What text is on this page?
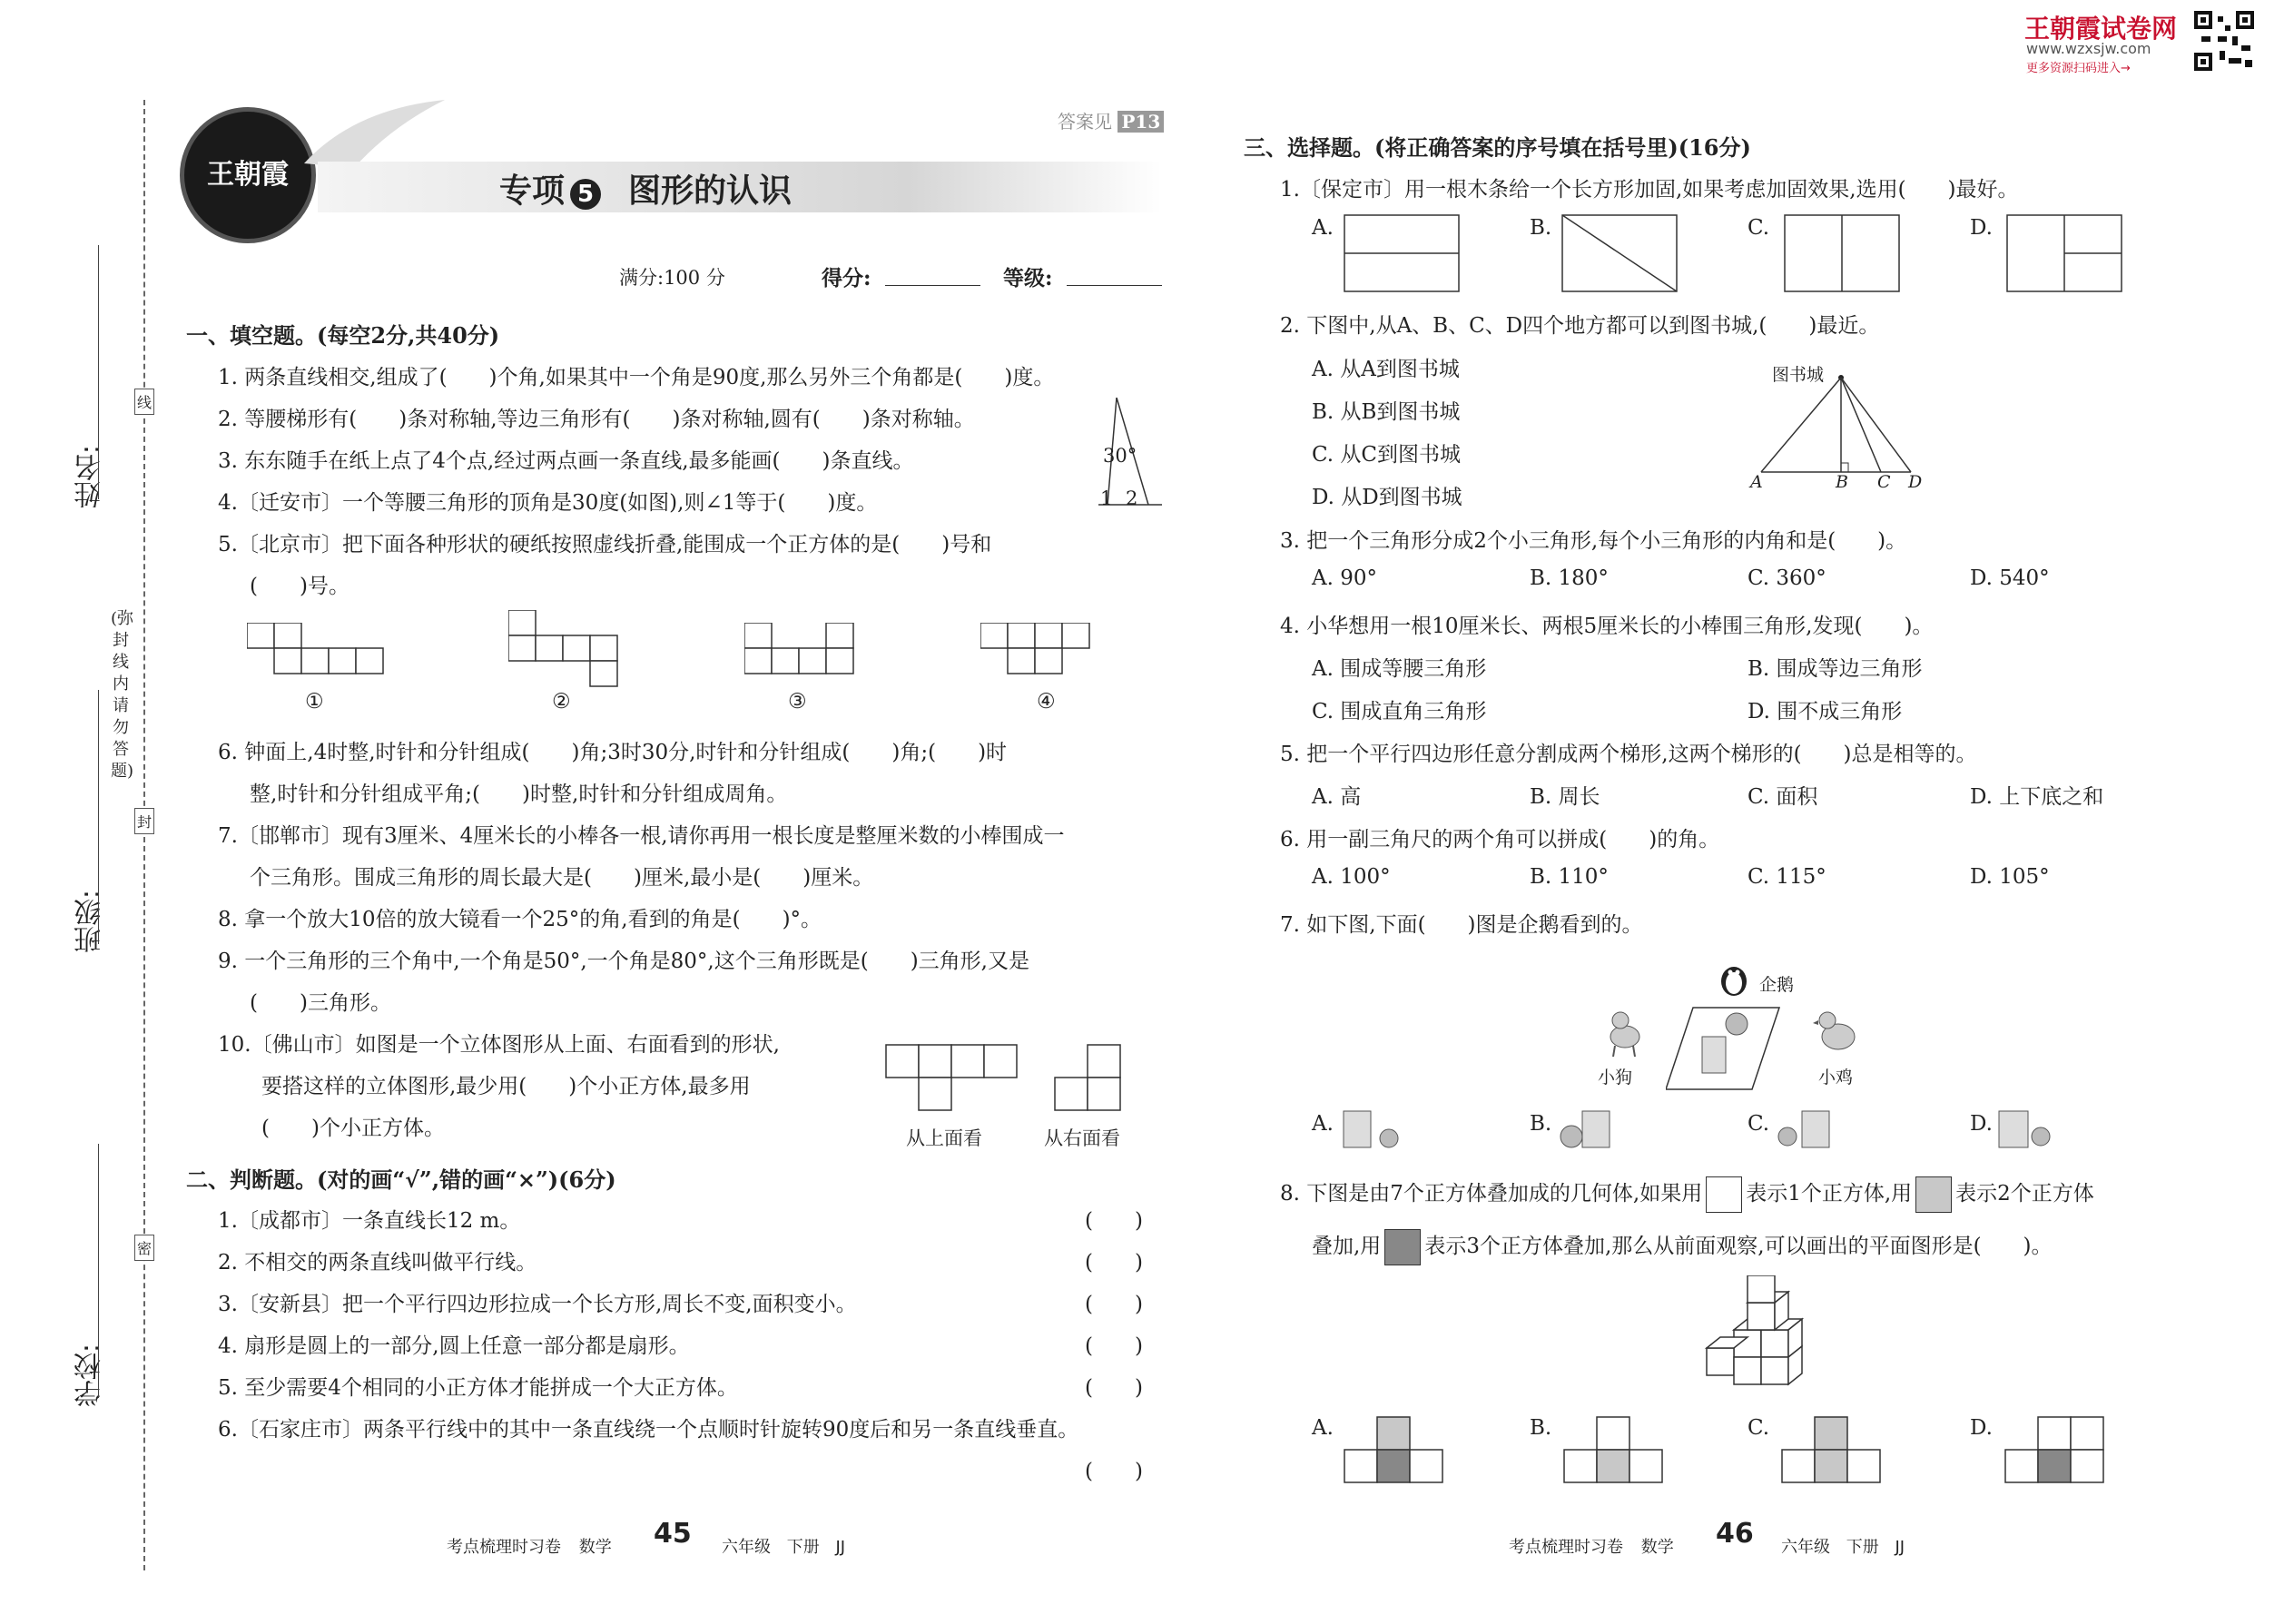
姓名:
班级:
学校:
(弥封线内请勿答题)
线
封
密
王朝霞
答案见 P13
专项 5 图形的认识
满分:100 分	得分:	等级:
一、填空题。(每空2分,共40分)
1. 两条直线相交,组成了(　　)个角,如果其中一个角是90度,那么另外三个角都是(　　)度。
2. 等腰梯形有(　　)条对称轴,等边三角形有(　　)条对称轴,圆有(　　)条对称轴。
3. 东东随手在纸上点了4个点,经过两点画一条直线,最多能画(　　)条直线。
4.〔迁安市〕一个等腰三角形的顶角是30度(如图),则∠1等于(　　)度。
30°
1 2
5.〔北京市〕把下面各种形状的硬纸按照虚线折叠,能围成一个正方体的是(　　)号和
(　　)号。
①	②	③	④
6. 钟面上,4时整,时针和分针组成(　　)角;3时30分,时针和分针组成(　　)角;(　　)时
整,时针和分针组成平角;(　　)时整,时针和分针组成周角。
7.〔邯郸市〕现有3厘米、4厘米长的小棒各一根,请你再用一根长度是整厘米数的小棒围成一
个三角形。围成三角形的周长最大是(　　)厘米,最小是(　　)厘米。
8. 拿一个放大10倍的放大镜看一个25°的角,看到的角是(　　)°。
9. 一个三角形的三个角中,一个角是50°,一个角是80°,这个三角形既是(　　)三角形,又是
(　　)三角形。
10.〔佛山市〕如图是一个立体图形从上面、右面看到的形状,
要搭这样的立体图形,最少用(　　)个小正方体,最多用
(　　)个小正方体。	从上面看	从右面看
二、判断题。(对的画“√”,错的画“×”)(6分)
1.〔成都市〕一条直线长12 m。	(　　)
2. 不相交的两条直线叫做平行线。	(　　)
3.〔安新县〕把一个平行四边形拉成一个长方形,周长不变,面积变小。	(　　)
4. 扇形是圆上的一部分,圆上任意一部分都是扇形。	(　　)
5. 至少需要4个相同的小正方体才能拼成一个大正方体。	(　　)
6.〔石家庄市〕两条平行线中的其中一条直线绕一个点顺时针旋转90度后和另一条直线垂直。
(　　)
考点梳理时习卷 数学 45 六年级 下册 JJ
王朝霞试卷网
www.wzxsjw.com
更多资源扫码进入→
三、选择题。(将正确答案的序号填在括号里)(16分)
1.〔保定市〕用一根木条给一个长方形加固,如果考虑加固效果,选用(　　)最好。
A.	B.	C.	D.
2. 下图中,从A、B、C、D四个地方都可以到图书城,(　　)最近。
A. 从A到图书城
B. 从B到图书城
C. 从C到图书城
D. 从D到图书城
图书城
A	B C D
3. 把一个三角形分成2个小三角形,每个小三角形的内角和是(　　)。
A. 90°	B. 180°	C. 360°	D. 540°
4. 小华想用一根10厘米长、两根5厘米长的小棒围三角形,发现(　　)。
A. 围成等腰三角形	B. 围成等边三角形
C. 围成直角三角形	D. 围不成三角形
5. 把一个平行四边形任意分割成两个梯形,这两个梯形的(　　)总是相等的。
A. 高	B. 周长	C. 面积	D. 上下底之和
6. 用一副三角尺的两个角可以拼成(　　)的角。
A. 100°	B. 110°	C. 115°	D. 105°
7. 如下图,下面(　　)图是企鹅看到的。
企鹅
小狗	小鸡
A.	B.	C.	D.
8. 下图是由7个正方体叠加成的几何体,如果用 表示1个正方体,用 表示2个正方体
叠加,用 表示3个正方体叠加,那么从前面观察,可以画出的平面图形是(　　)。
A.	B.	C.	D.
考点梳理时习卷 数学 46 六年级 下册 JJ
